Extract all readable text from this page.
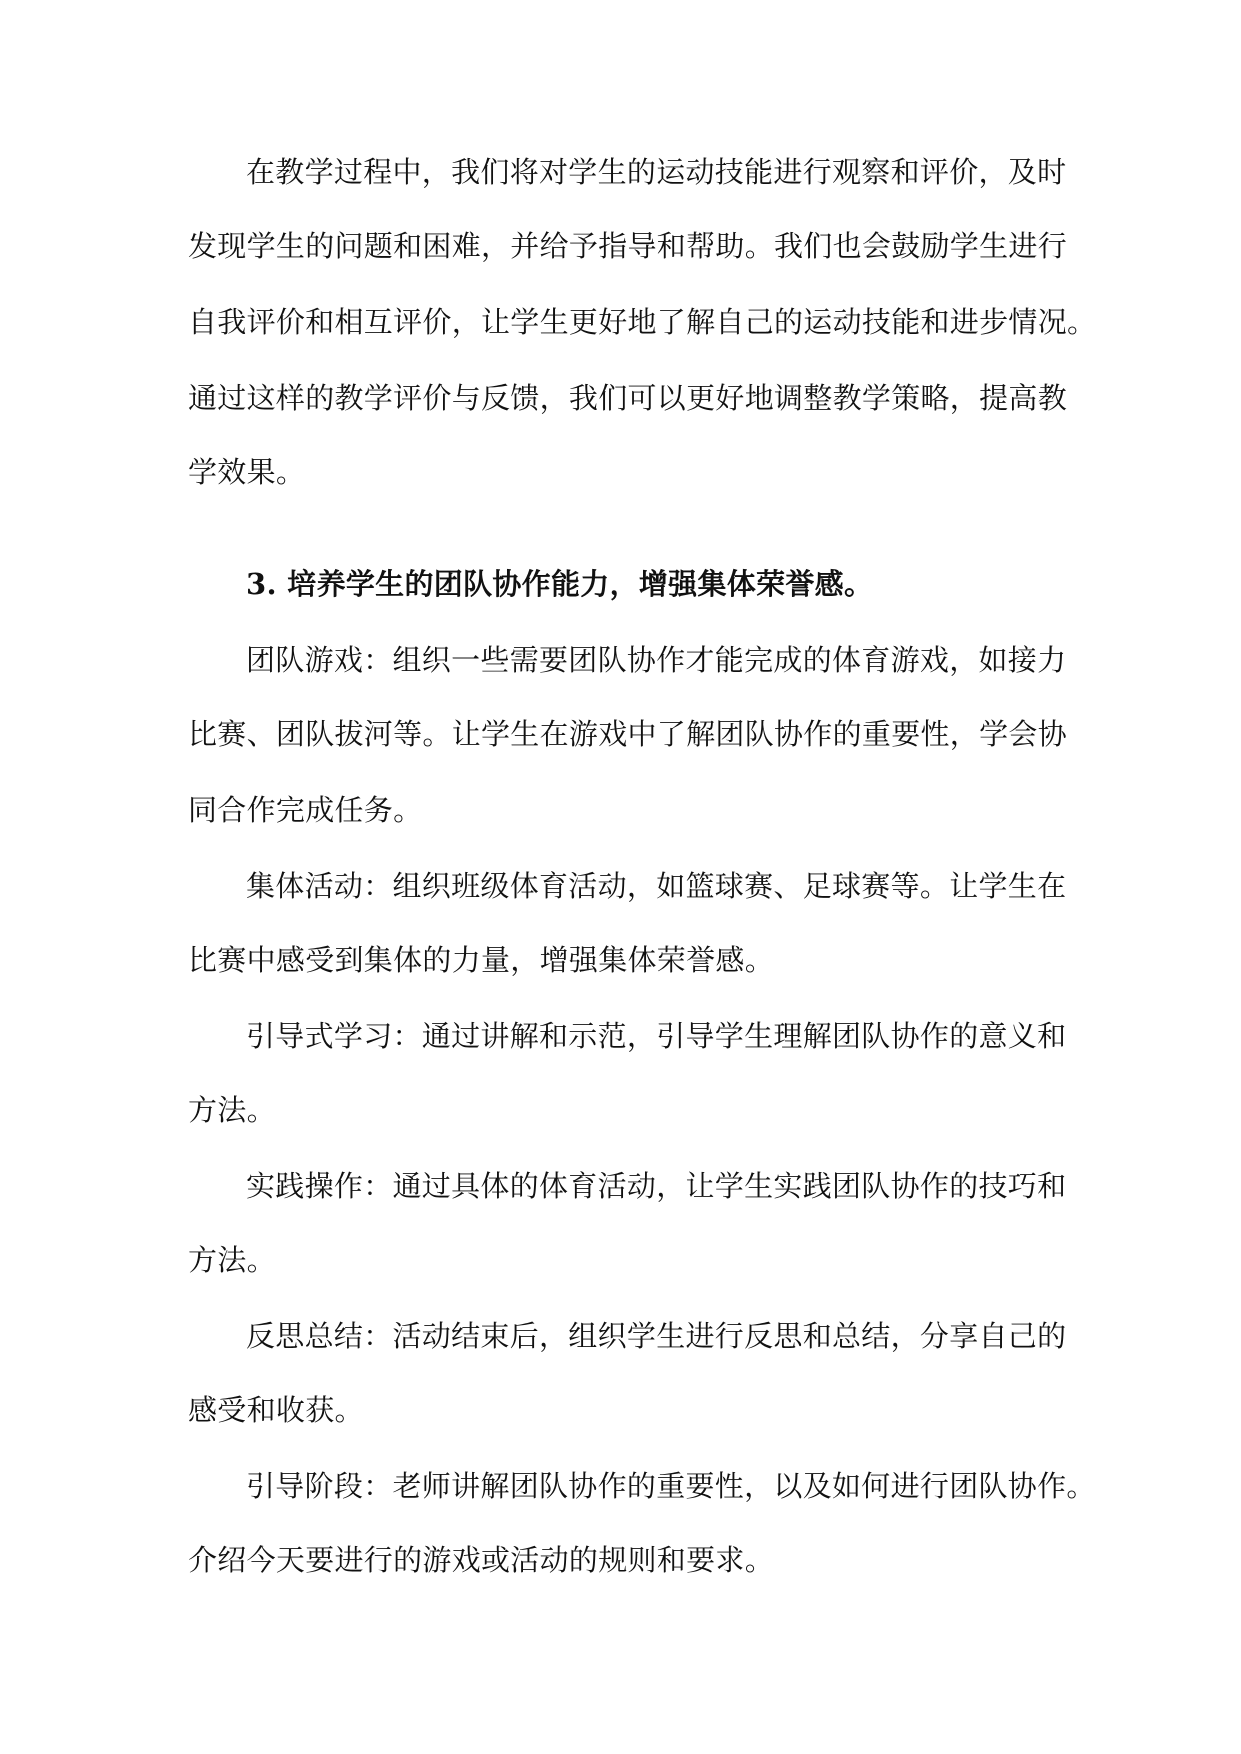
在教学过程中，我们将对学生的运动技能进行观察和评价，及时
发现学生的问题和困难，并给予指导和帮助。我们也会鼓励学生进行
自我评价和相互评价，让学生更好地了解自己的运动技能和进步情况。
通过这样的教学评价与反馈，我们可以更好地调整教学策略，提高教
学效果。
3. 培养学生的团队协作能力，增强集体荣誉感。
团队游戏：组织一些需要团队协作才能完成的体育游戏，如接力
比赛、团队拔河等。让学生在游戏中了解团队协作的重要性，学会协
同合作完成任务。
集体活动：组织班级体育活动，如篮球赛、足球赛等。让学生在
比赛中感受到集体的力量，增强集体荣誉感。
引导式学习：通过讲解和示范，引导学生理解团队协作的意义和
方法。
实践操作：通过具体的体育活动，让学生实践团队协作的技巧和
方法。
反思总结：活动结束后，组织学生进行反思和总结，分享自己的
感受和收获。
引导阶段：老师讲解团队协作的重要性，以及如何进行团队协作。
介绍今天要进行的游戏或活动的规则和要求。
